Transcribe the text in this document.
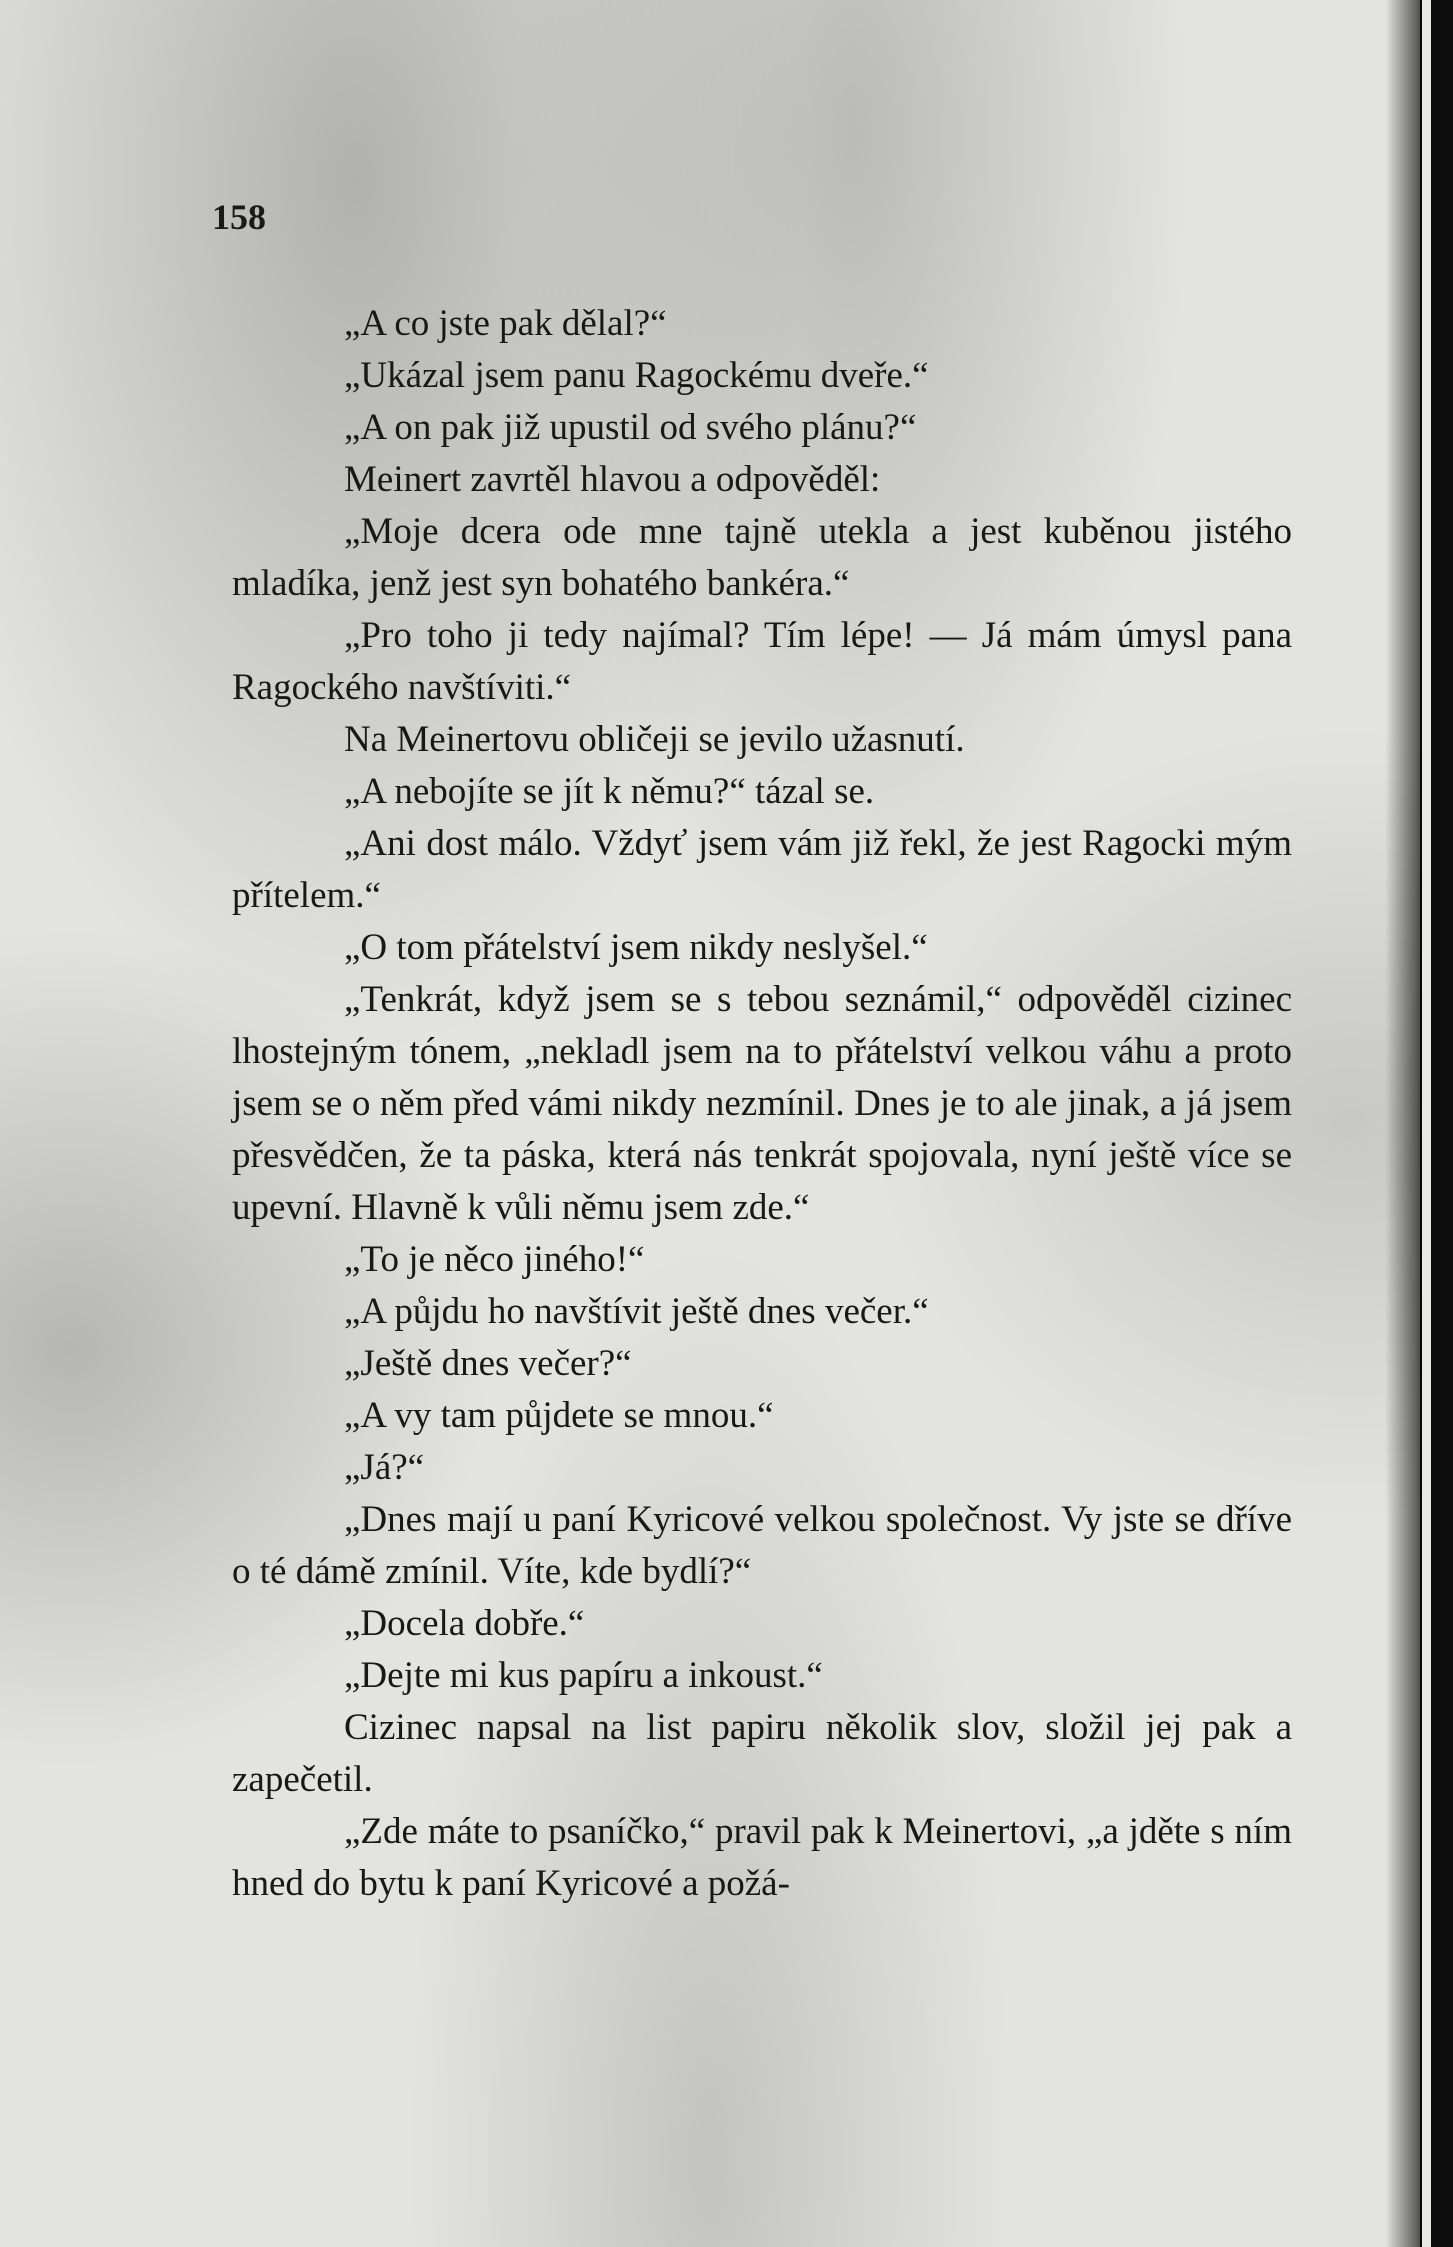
158

„A co jste pak dělal?“

„Ukázal jsem panu Ragockému dveře.“

„A on pak již upustil od svého plánu?“

Meinert zavrtěl hlavou a odpověděl:

„Moje dcera ode mne tajně utekla a jest kuběnou jistého mladíka, jenž jest syn bohatého bankéra.“

„Pro toho ji tedy najímal? Tím lépe! — Já mám úmysl pana Ragockého navštíviti.“

Na Meinertovu obličeji se jevilo užasnutí.

„A nebojíte se jít k němu?“ tázal se.

„Ani dost málo. Vždyť jsem vám již řekl, že jest Ragocki mým přítelem.“

„O tom přátelství jsem nikdy neslyšel.“

„Tenkrát, když jsem se s tebou seznámil,“ odpověděl cizinec lhostejným tónem, „nekladl jsem na to přátelství velkou váhu a proto jsem se o něm před vámi nikdy nezmínil. Dnes je to ale jinak, a já jsem přesvědčen, že ta páska, která nás tenkrát spojovala, nyní ještě více se upevní. Hlavně k vůli němu jsem zde.“

„To je něco jiného!“

„A půjdu ho navštívit ještě dnes večer.“

„Ještě dnes večer?“

„A vy tam půjdete se mnou.“

„Já?“

„Dnes mají u paní Kyricové velkou společnost. Vy jste se dříve o té dámě zmínil. Víte, kde bydlí?“

„Docela dobře.“

„Dejte mi kus papíru a inkoust.“

Cizinec napsal na list papiru několik slov, složil jej pak a zapečetil.

„Zde máte to psaníčko,“ pravil pak k Meinertovi, „a jděte s ním hned do bytu k paní Kyricové a požá-
